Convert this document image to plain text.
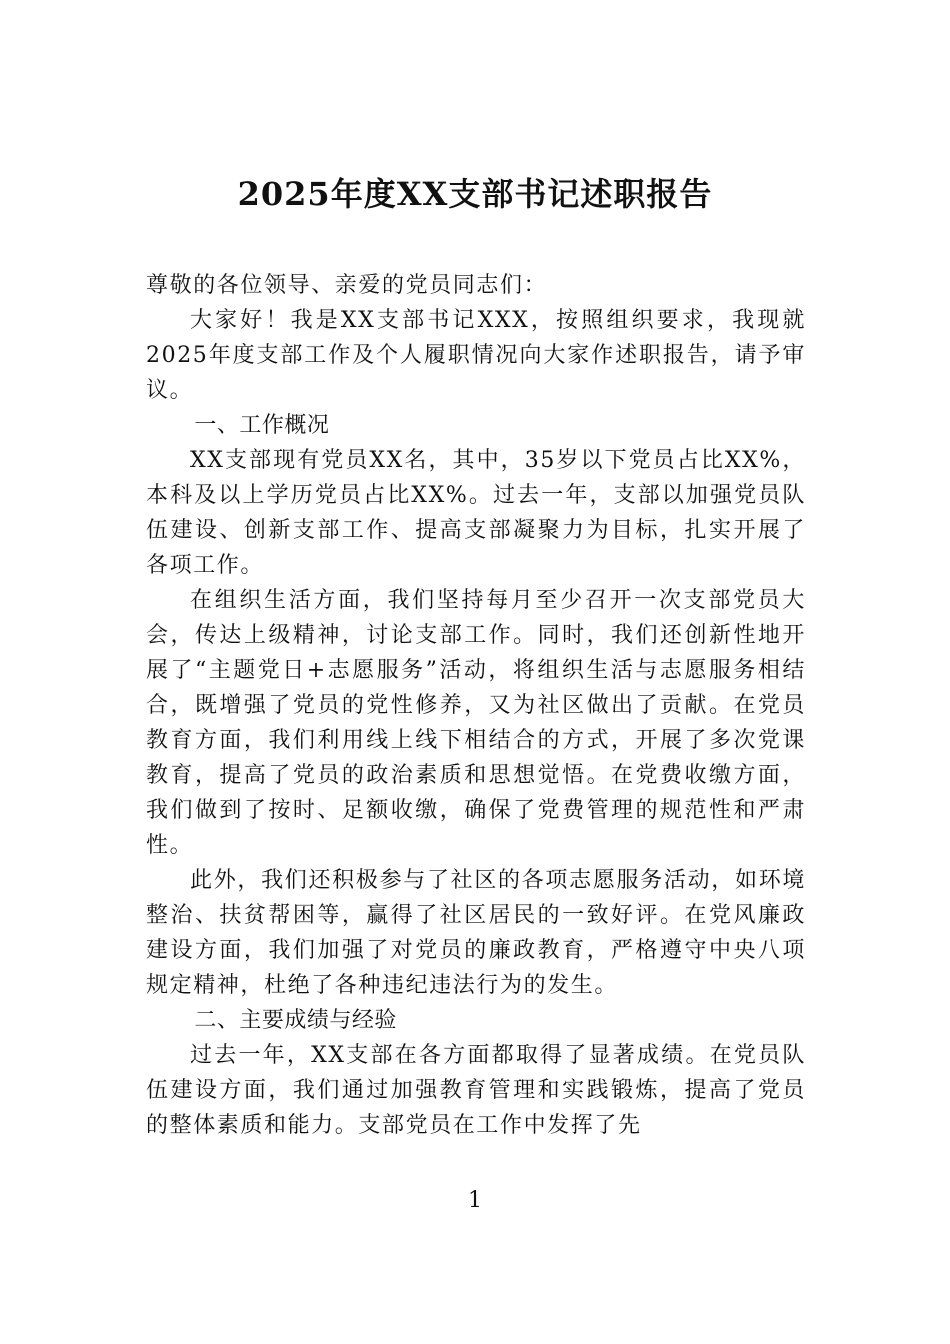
2025年度XX支部书记述职报告

尊敬的各位领导、亲爱的党员同志们：

大家好！我是XX支部书记XXX，按照组织要求，我现就2025年度支部工作及个人履职情况向大家作述职报告，请予审议。

一、工作概况

XX支部现有党员XX名，其中，35岁以下党员占比XX%，本科及以上学历党员占比XX%。过去一年，支部以加强党员队伍建设、创新支部工作、提高支部凝聚力为目标，扎实开展了各项工作。

在组织生活方面，我们坚持每月至少召开一次支部党员大会，传达上级精神，讨论支部工作。同时，我们还创新性地开展了“主题党日+志愿服务”活动，将组织生活与志愿服务相结合，既增强了党员的党性修养，又为社区做出了贡献。在党员教育方面，我们利用线上线下相结合的方式，开展了多次党课教育，提高了党员的政治素质和思想觉悟。在党费收缴方面，我们做到了按时、足额收缴，确保了党费管理的规范性和严肃性。

此外，我们还积极参与了社区的各项志愿服务活动，如环境整治、扶贫帮困等，赢得了社区居民的一致好评。在党风廉政建设方面，我们加强了对党员的廉政教育，严格遵守中央八项规定精神，杜绝了各种违纪违法行为的发生。

二、主要成绩与经验

过去一年，XX支部在各方面都取得了显著成绩。在党员队伍建设方面，我们通过加强教育管理和实践锻炼，提高了党员的整体素质和能力。支部党员在工作中发挥了先

1
